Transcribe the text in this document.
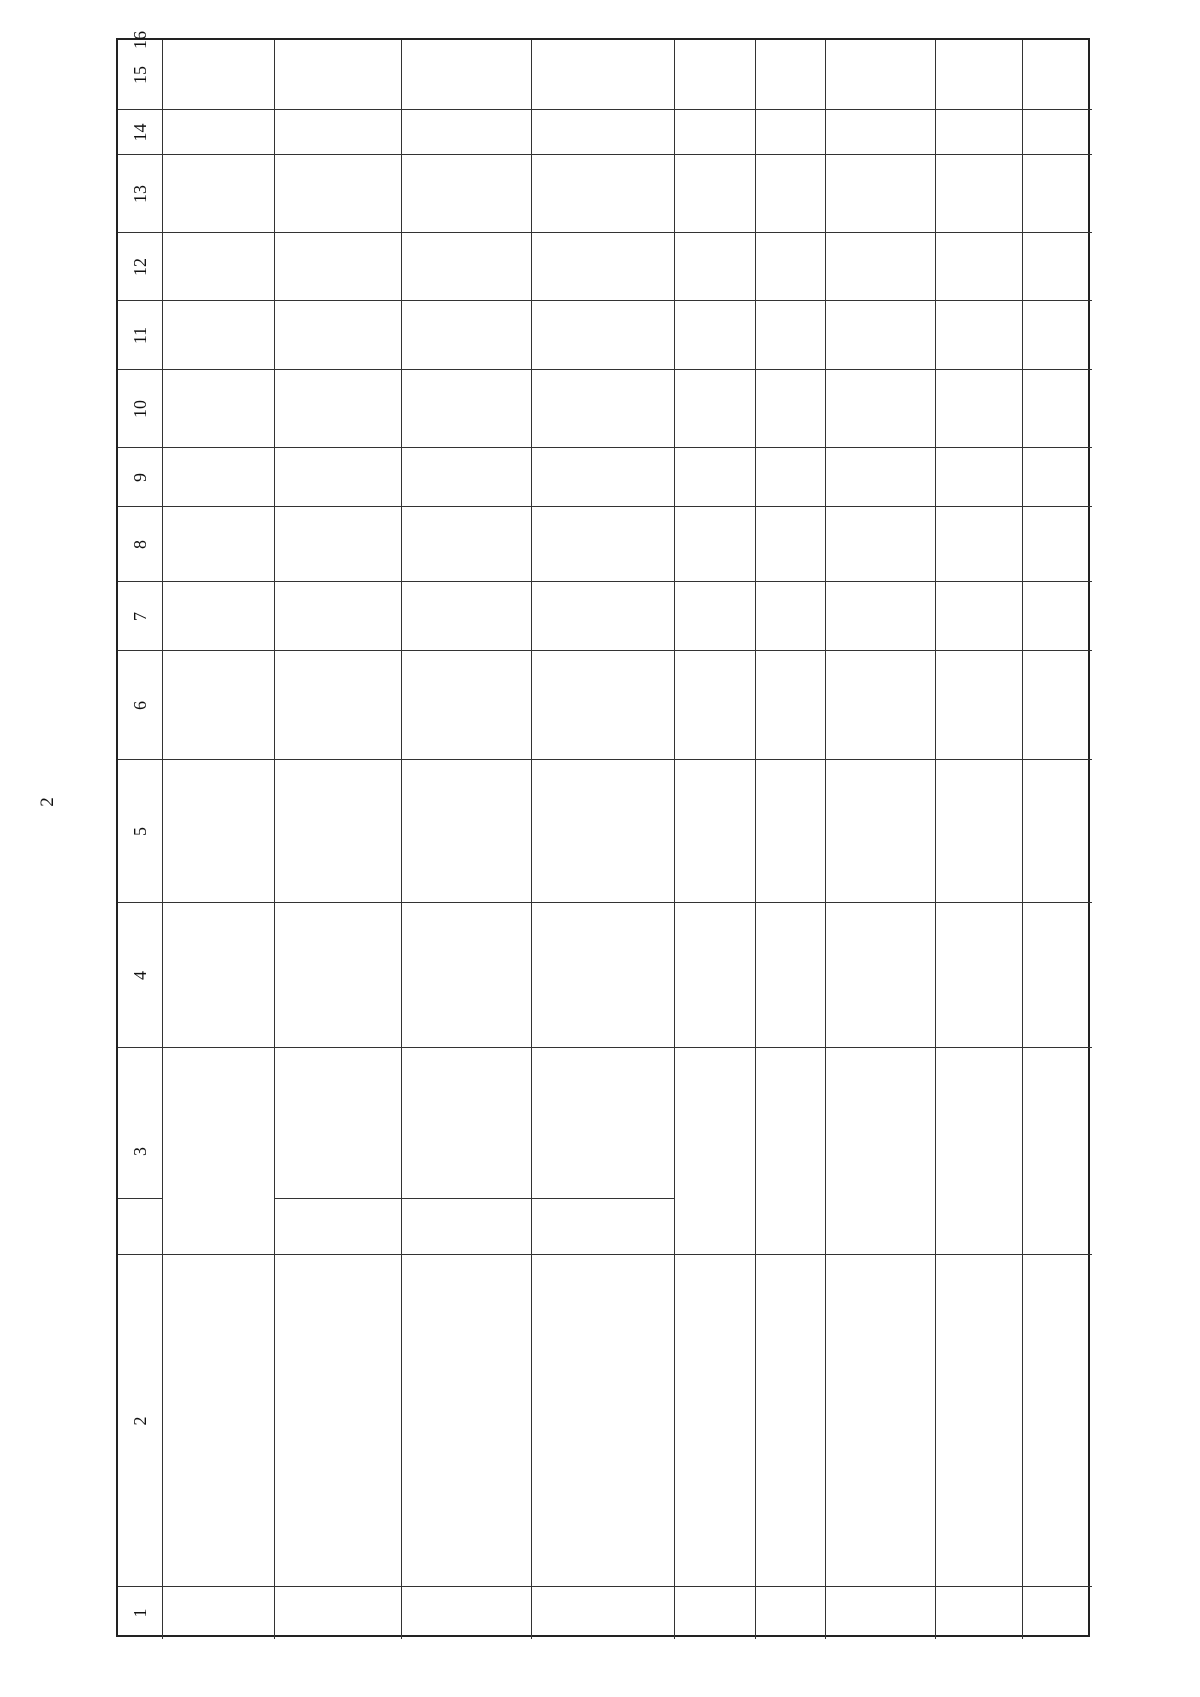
2
1
2
3
4
5
6
7
8
9
10
11
12
13
14
15
16
